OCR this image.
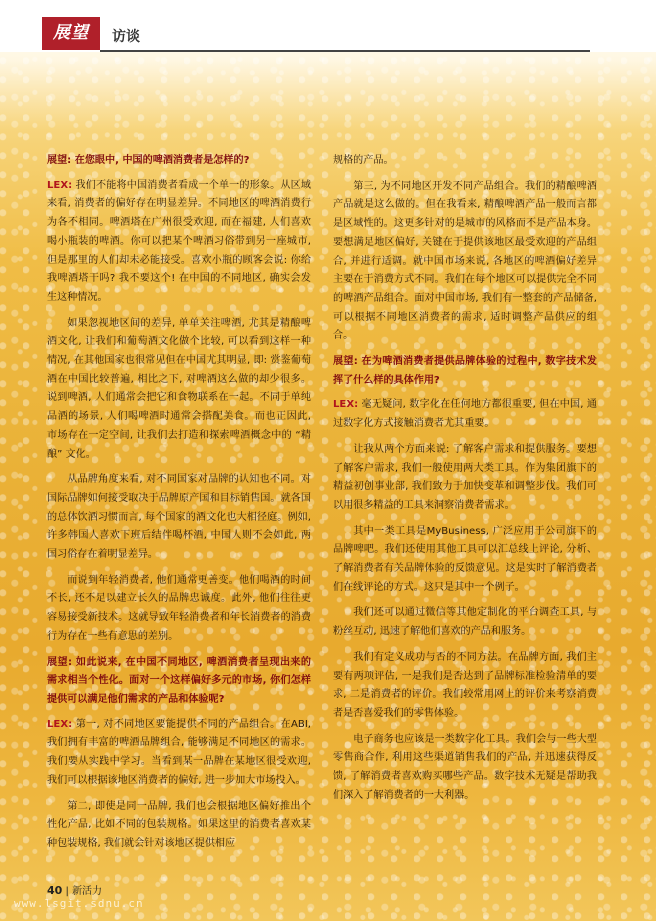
展望	访谈

展望: 在您眼中, 中国的啤酒消费者是怎样的?

LEX: 我们不能将中国消费者看成一个单一的形象。从区域来看, 消费者的偏好存在明显差异。不同地区的啤酒消费行为各不相同。啤酒塔在广州很受欢迎, 而在福建, 人们喜欢喝小瓶装的啤酒。你可以把某个啤酒习俗带到另一座城市, 但是那里的人们却未必能接受。喜欢小瓶的顾客会说: 你给我啤酒塔干吗? 我不要这个! 在中国的不同地区, 确实会发生这种情况。

如果忽视地区间的差异, 单单关注啤酒, 尤其是精酿啤酒文化, 让我们和葡萄酒文化做个比较, 可以看到这样一种情况, 在其他国家也很常见但在中国尤其明显, 即: 赏鉴葡萄酒在中国比较普遍, 相比之下, 对啤酒这么做的却少很多。说到啤酒, 人们通常会把它和食物联系在一起。不同于单纯品酒的场景, 人们喝啤酒时通常会搭配美食。而也正因此, 市场存在一定空间, 让我们去打造和探索啤酒概念中的 “精酿” 文化。

从品牌角度来看, 对不同国家对品牌的认知也不同。对国际品牌如何接受取决于品牌原产国和目标销售国。就各国的总体饮酒习惯而言, 每个国家的酒文化也大相径庭。例如, 许多韩国人喜欢下班后结伴喝杯酒, 中国人则不会如此, 两国习俗存在着明显差异。

而说到年轻消费者, 他们通常更善变。他们喝酒的时间不长, 还不足以建立长久的品牌忠诚度。此外, 他们往往更容易接受新技术。这就导致年轻消费者和年长消费者的消费行为存在一些有意思的差别。

展望: 如此说来, 在中国不同地区, 啤酒消费者呈现出来的需求相当个性化。面对一个这样偏好多元的市场, 你们怎样提供可以满足他们需求的产品和体验呢?

LEX: 第一, 对不同地区要能提供不同的产品组合。在ABI, 我们拥有丰富的啤酒品牌组合, 能够满足不同地区的需求。我们要从实践中学习。当看到某一品牌在某地区很受欢迎, 我们可以根据该地区消费者的偏好, 进一步加大市场投入。

第二, 即使是同一品牌, 我们也会根据地区偏好推出个性化产品, 比如不同的包装规格。如果这里的消费者喜欢某种包装规格, 我们就会针对该地区提供相应

规格的产品。

第三, 为不同地区开发不同产品组合。我们的精酿啤酒产品就是这么做的。但在我看来, 精酿啤酒产品一般而言都是区域性的。这更多针对的是城市的风格而不是产品本身。要想满足地区偏好, 关键在于提供该地区最受欢迎的产品组合, 并进行适调。就中国市场来说, 各地区的啤酒偏好差异主要在于消费方式不同。我们在每个地区可以提供完全不同的啤酒产品组合。面对中国市场, 我们有一整套的产品储备, 可以根据不同地区消费者的需求, 适时调整产品供应的组合。

展望: 在为啤酒消费者提供品牌体验的过程中, 数字技术发挥了什么样的具体作用?

LEX: 毫无疑问, 数字化在任何地方都很重要, 但在中国, 通过数字化方式接触消费者尤其重要。

让我从两个方面来说: 了解客户需求和提供服务。要想了解客户需求, 我们一般使用两大类工具。作为集团旗下的精益初创事业部, 我们致力于加快变革和调整步伐。我们可以用很多精益的工具来洞察消费者需求。

其中一类工具是MyBusiness, 广泛应用于公司旗下的品牌啤吧。我们还使用其他工具可以汇总线上评论, 分析、了解消费者有关品牌体验的反馈意见。这是实时了解消费者们在线评论的方式。这只是其中一个例子。

我们还可以通过微信等其他定制化的平台调查工具, 与粉丝互动, 迅速了解他们喜欢的产品和服务。

我们有定义成功与否的不同方法。在品牌方面, 我们主要有两项评估, 一是我们是否达到了品牌标准检验清单的要求, 二是消费者的评价。我们较常用网上的评价来考察消费者是否喜爱我们的零售体验。

电子商务也应该是一类数字化工具。我们会与一些大型零售商合作, 利用这些渠道销售我们的产品, 并迅速获得反馈, 了解消费者喜欢购买哪些产品。数字技术无疑是帮助我们深入了解消费者的一大利器。

40 | 新活力
www.lsgit.sdnu.cn
